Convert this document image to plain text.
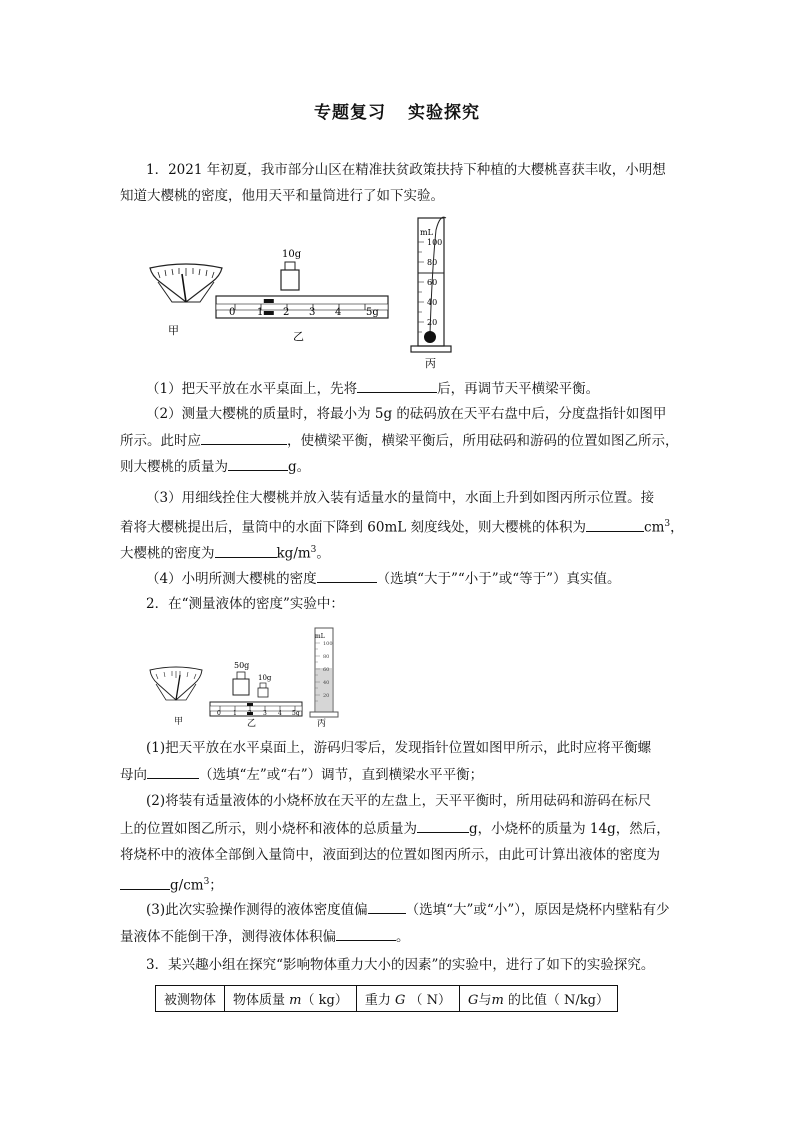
专题复习 实验探究
1．2021 年初夏，我市部分山区在精准扶贫政策扶持下种植的大樱桃喜获丰收，小明想
知道大樱桃的密度，他用天平和量筒进行了如下实验。
甲
10g
0 1 2 3 4 5g
乙
mL
100
80
60
40
20
丙
（1）把天平放在水平桌面上，先将	后，再调节天平横梁平衡。
（2）测量大樱桃的质量时，将最小为 5g 的砝码放在天平右盘中后，分度盘指针如图甲
所示。此时应	，使横梁平衡，横梁平衡后，所用砝码和游码的位置如图乙所示，
则大樱桃的质量为	g。
（3）用细线拴住大樱桃并放入装有适量水的量筒中，水面上升到如图丙所示位置。接
着将大樱桃提出后，量筒中的水面下降到 60mL 刻度线处，则大樱桃的体积为	$cm^3$，
大樱桃的密度为	$kg/m^3$。
（4）小明所测大樱桃的密度	（选填“大于”“小于”或“等于”）真实值。
2．在“测量液体的密度”实验中：
甲
50g
10g
0 1 2 3 4 5g
乙
mL
100
80
60
40
20
丙
(1)把天平放在水平桌面上，游码归零后，发现指针位置如图甲所示，此时应将平衡螺
母向	（选填“左”或“右”）调节，直到横梁水平平衡；
(2)将装有适量液体的小烧杯放在天平的左盘上，天平平衡时，所用砝码和游码在标尺
上的位置如图乙所示，则小烧杯和液体的总质量为	g，小烧杯的质量为 14g，然后，
将烧杯中的液体全部倒入量筒中，液面到达的位置如图丙所示，由此可计算出液体的密度为
$g/cm^3$；
(3)此次实验操作测得的液体密度值偏	（选填“大”或“小”），原因是烧杯内壁粘有少
量液体不能倒干净，测得液体体积偏	。
3．某兴趣小组在探究“影响物体重力大小的因素”的实验中，进行了如下的实验探究。
被测物体	物体质量 m（ kg）	重力 G （ N）	G与m 的比值（ N/kg）
